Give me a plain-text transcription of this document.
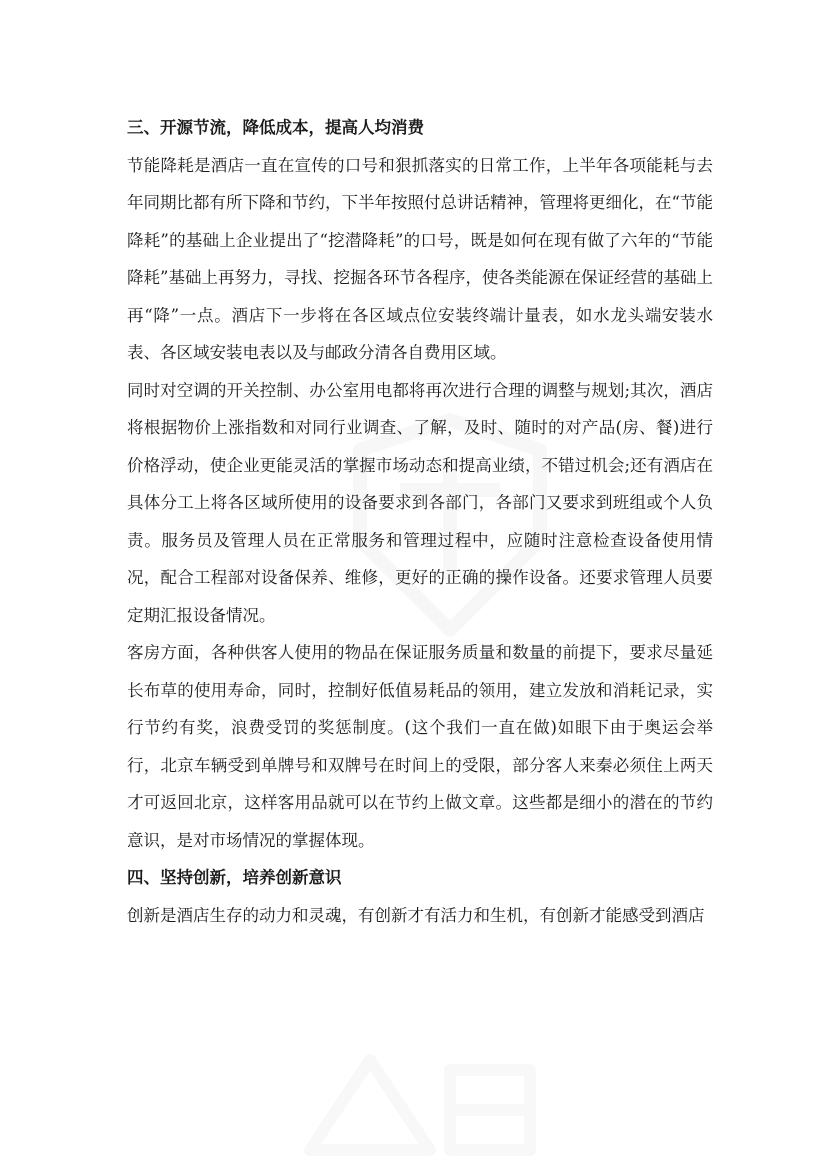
三、开源节流，降低成本，提高人均消费

节能降耗是酒店一直在宣传的口号和狠抓落实的日常工作，上半年各项能耗与去年同期比都有所下降和节约，下半年按照付总讲话精神，管理将更细化，在“节能降耗”的基础上企业提出了“挖潜降耗”的口号，既是如何在现有做了六年的“节能降耗”基础上再努力，寻找、挖掘各环节各程序，使各类能源在保证经营的基础上再“降”一点。酒店下一步将在各区域点位安装终端计量表，如水龙头端安装水表、各区域安装电表以及与邮政分清各自费用区域。

同时对空调的开关控制、办公室用电都将再次进行合理的调整与规划;其次，酒店将根据物价上涨指数和对同行业调查、了解，及时、随时的对产品(房、餐)进行价格浮动，使企业更能灵活的掌握市场动态和提高业绩，不错过机会;还有酒店在具体分工上将各区域所使用的设备要求到各部门，各部门又要求到班组或个人负责。服务员及管理人员在正常服务和管理过程中，应随时注意检查设备使用情况，配合工程部对设备保养、维修，更好的正确的操作设备。还要求管理人员要定期汇报设备情况。

客房方面，各种供客人使用的物品在保证服务质量和数量的前提下，要求尽量延长布草的使用寿命，同时，控制好低值易耗品的领用，建立发放和消耗记录，实行节约有奖，浪费受罚的奖惩制度。(这个我们一直在做)如眼下由于奥运会举行，北京车辆受到单牌号和双牌号在时间上的受限，部分客人来秦必须住上两天才可返回北京，这样客用品就可以在节约上做文章。这些都是细小的潜在的节约意识，是对市场情况的掌握体现。

四、坚持创新，培养创新意识

创新是酒店生存的动力和灵魂，有创新才有活力和生机，有创新才能感受到酒店
